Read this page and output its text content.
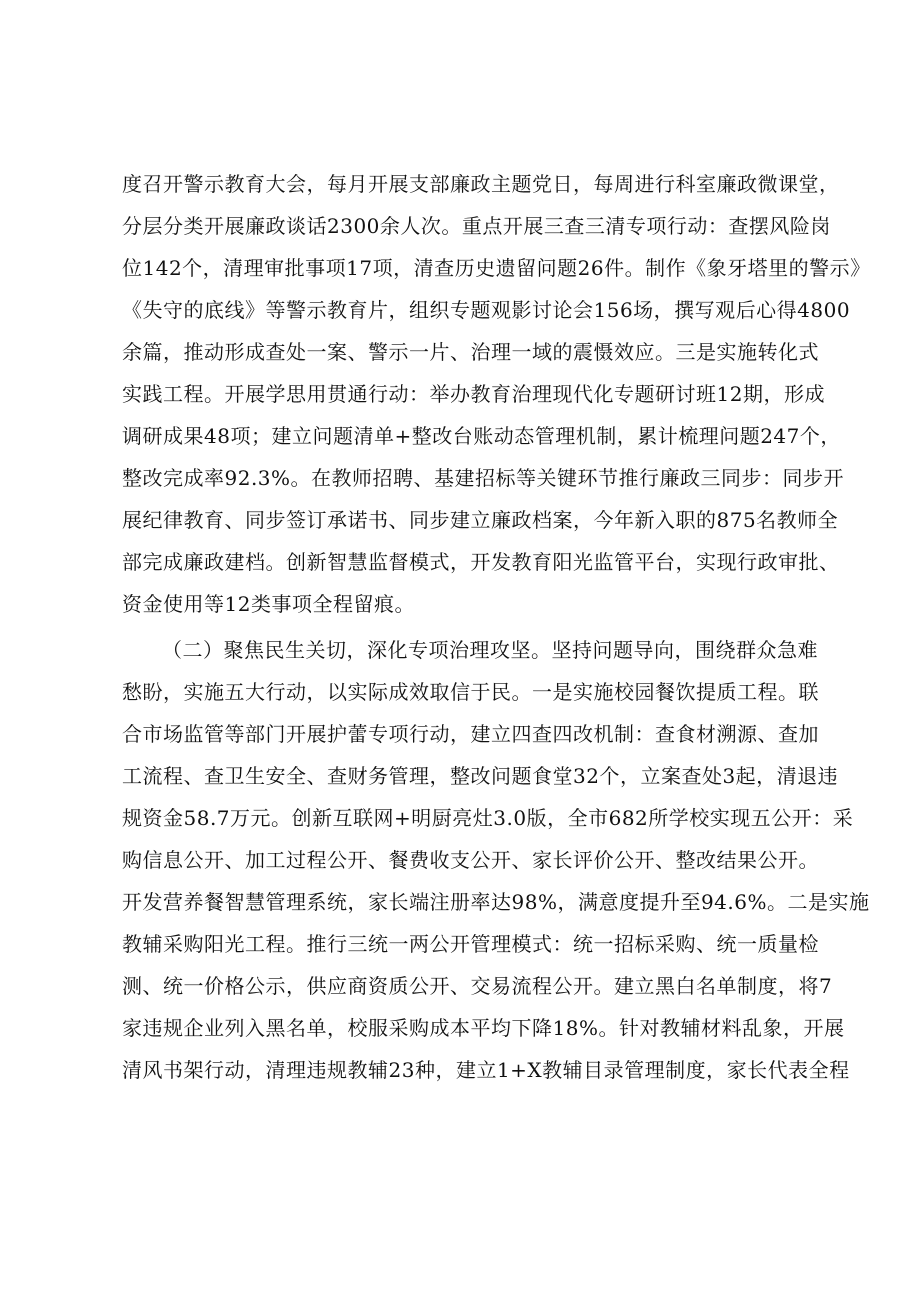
度召开警示教育大会，每月开展支部廉政主题党日，每周进行科室廉政微课堂，
分层分类开展廉政谈话2300余人次。重点开展三查三清专项行动：查摆风险岗
位142个，清理审批事项17项，清查历史遗留问题26件。制作《象牙塔里的警示》
《失守的底线》等警示教育片，组织专题观影讨论会156场，撰写观后心得4800
余篇，推动形成查处一案、警示一片、治理一域的震慑效应。三是实施转化式
实践工程。开展学思用贯通行动：举办教育治理现代化专题研讨班12期，形成
调研成果48项；建立问题清单+整改台账动态管理机制，累计梳理问题247个，
整改完成率92.3%。在教师招聘、基建招标等关键环节推行廉政三同步：同步开
展纪律教育、同步签订承诺书、同步建立廉政档案，今年新入职的875名教师全
部完成廉政建档。创新智慧监督模式，开发教育阳光监管平台，实现行政审批、
资金使用等12类事项全程留痕。
（二）聚焦民生关切，深化专项治理攻坚。坚持问题导向，围绕群众急难
愁盼，实施五大行动，以实际成效取信于民。一是实施校园餐饮提质工程。联
合市场监管等部门开展护蕾专项行动，建立四查四改机制：查食材溯源、查加
工流程、查卫生安全、查财务管理，整改问题食堂32个，立案查处3起，清退违
规资金58.7万元。创新互联网+明厨亮灶3.0版，全市682所学校实现五公开：采
购信息公开、加工过程公开、餐费收支公开、家长评价公开、整改结果公开。
开发营养餐智慧管理系统，家长端注册率达98%，满意度提升至94.6%。二是实施
教辅采购阳光工程。推行三统一两公开管理模式：统一招标采购、统一质量检
测、统一价格公示，供应商资质公开、交易流程公开。建立黑白名单制度，将7
家违规企业列入黑名单，校服采购成本平均下降18%。针对教辅材料乱象，开展
清风书架行动，清理违规教辅23种，建立1+X教辅目录管理制度，家长代表全程
